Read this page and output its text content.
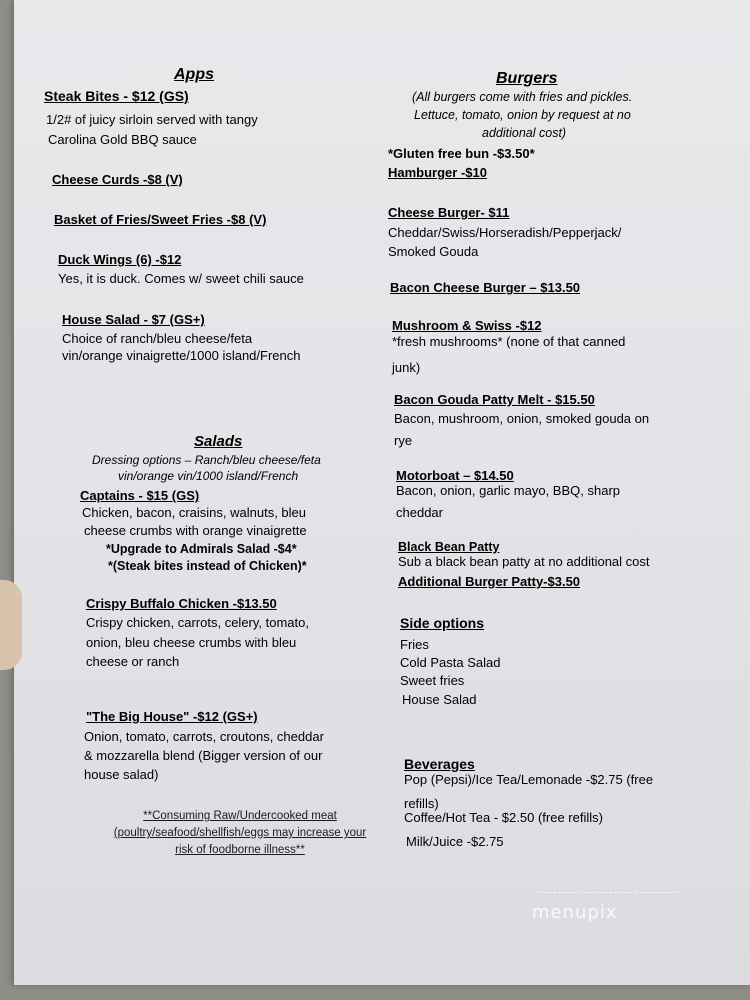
Apps
Steak Bites - $12 (GS)
1/2# of juicy sirloin served with tangy
Carolina Gold BBQ sauce
Cheese Curds -$8 (V)
Basket of Fries/Sweet Fries -$8 (V)
Duck Wings (6) -$12
Yes, it is duck. Comes w/ sweet chili sauce
House Salad - $7 (GS+)
Choice of ranch/bleu cheese/feta
vin/orange vinaigrette/1000 island/French
Salads
Dressing options – Ranch/bleu cheese/feta
vin/orange vin/1000 island/French
Captains - $15 (GS)
Chicken, bacon, craisins, walnuts, bleu
cheese crumbs with orange vinaigrette
*Upgrade to Admirals Salad -$4*
*(Steak bites instead of Chicken)*
Crispy Buffalo Chicken -$13.50
Crispy chicken, carrots, celery, tomato,
onion, bleu cheese crumbs with bleu
cheese or ranch
"The Big House" -$12 (GS+)
Onion, tomato, carrots, croutons, cheddar
& mozzarella blend (Bigger version of our
house salad)
**Consuming Raw/Undercooked meat
(poultry/seafood/shellfish/eggs may increase your
risk of foodborne illness**
Burgers
(All burgers come with fries and pickles.
Lettuce, tomato, onion by request at no
additional cost)
*Gluten free bun -$3.50*
Hamburger -$10
Cheese Burger- $11
Cheddar/Swiss/Horseradish/Pepperjack/
Smoked Gouda
Bacon Cheese Burger – $13.50
Mushroom & Swiss -$12
*fresh mushrooms* (none of that canned
junk)
Bacon Gouda Patty Melt - $15.50
Bacon, mushroom, onion, smoked gouda on
rye
Motorboat – $14.50
Bacon, onion, garlic mayo, BBQ, sharp
cheddar
Black Bean Patty
Sub a black bean patty at no additional cost
Additional Burger Patty-$3.50
Side options
Fries
Cold Pasta Salad
Sweet fries
House Salad
Beverages
Pop (Pepsi)/Ice Tea/Lemonade -$2.75 (free
refills)
Coffee/Hot Tea - $2.50 (free refills)
Milk/Juice -$2.75
menupix
